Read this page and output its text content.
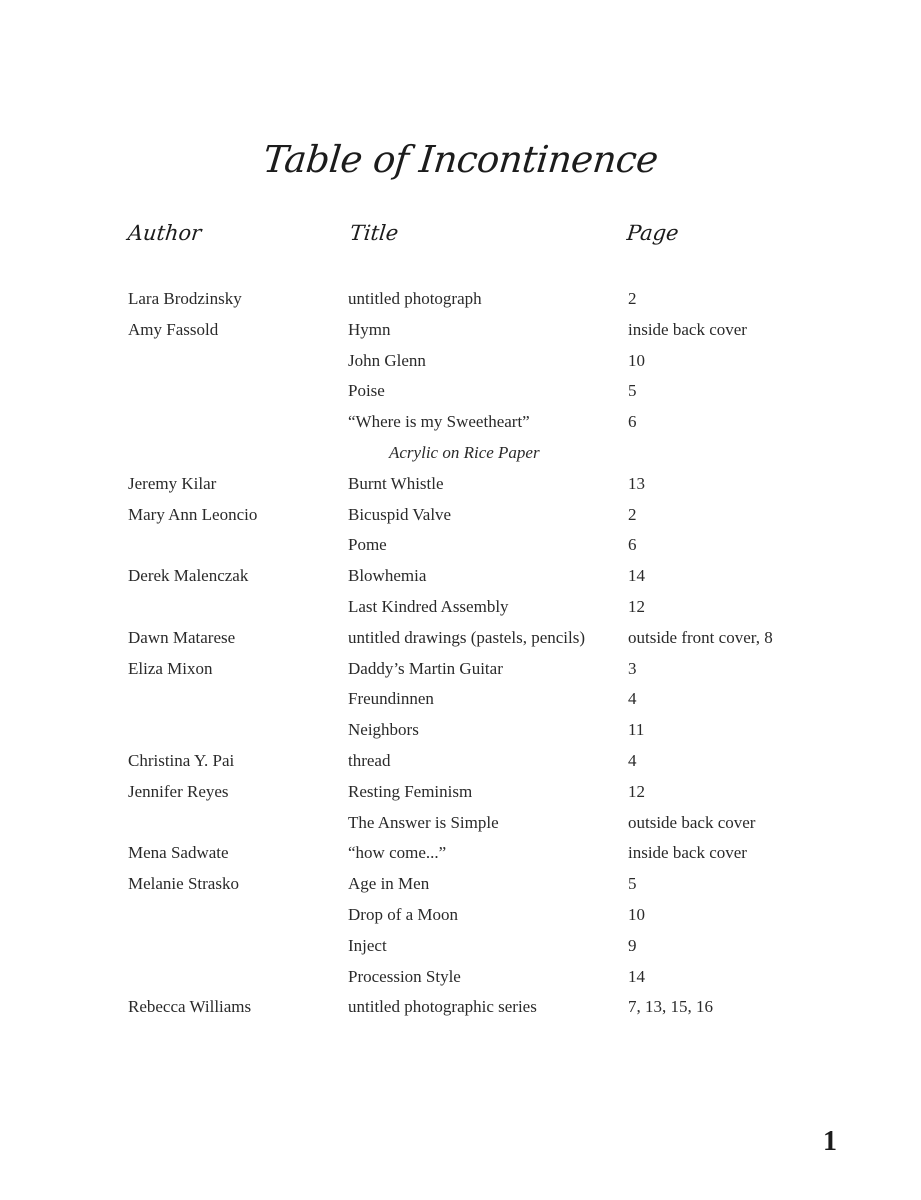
Table of Incontinence
Author	Title	Page
Lara Brodzinsky	untitled photograph	2
Amy Fassold	Hymn	inside back cover
John Glenn	10
Poise	5
“Where is my Sweetheart”	6
Acrylic on Rice Paper
Jeremy Kilar	Burnt Whistle	13
Mary Ann Leoncio	Bicuspid Valve	2
Pome	6
Derek Malenczak	Blowhemia	14
Last Kindred Assembly	12
Dawn Matarese	untitled drawings (pastels, pencils)	outside front cover, 8
Eliza Mixon	Daddy’s Martin Guitar	3
Freundinnen	4
Neighbors	11
Christina Y. Pai	thread	4
Jennifer Reyes	Resting Feminism	12
The Answer is Simple	outside back cover
Mena Sadwate	“how come...”	inside back cover
Melanie Strasko	Age in Men	5
Drop of a Moon	10
Inject	9
Procession Style	14
Rebecca Williams	untitled photographic series	7, 13, 15, 16
1
